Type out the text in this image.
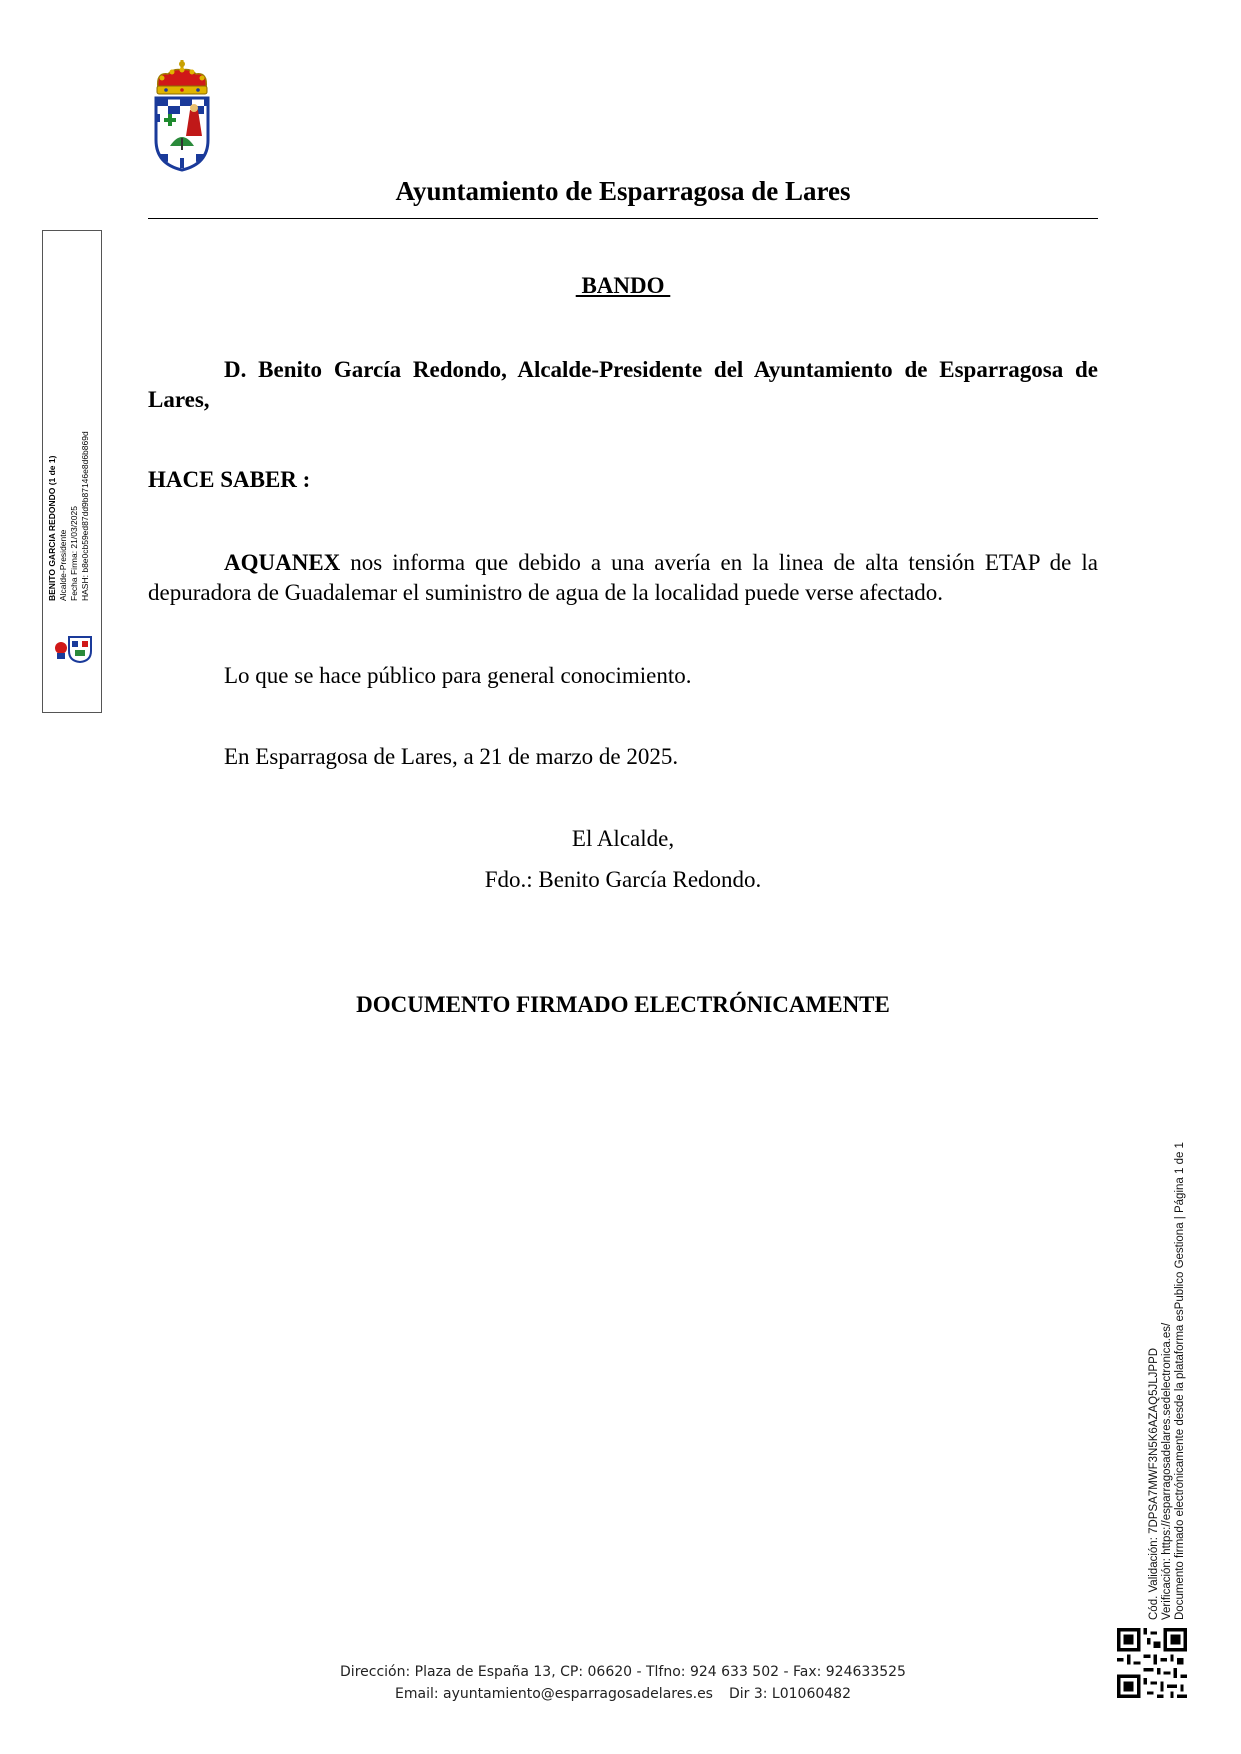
Ayuntamiento de Esparragosa de Lares
BANDO
D. Benito García Redondo, Alcalde-Presidente del Ayuntamiento de Esparragosa de Lares,
HACE SABER :
AQUANEX nos informa que debido a una avería en la linea de alta tensión ETAP de la depuradora de Guadalemar el suministro de agua de la localidad puede verse afectado.
Lo que se hace público para general conocimiento.
En Esparragosa de Lares, a 21 de marzo de 2025.
El Alcalde,
Fdo.: Benito García Redondo.
DOCUMENTO FIRMADO ELECTRÓNICAMENTE
BENITO GARCIA REDONDO (1 de 1) Alcalde-Presidente Fecha Firma: 21/03/2025 HASH: b8e0cb59ed87dd9b87146e8d6b869d
Cód. Validación: 7DPSA7MWF3N5K6AZAQ5JLJPPD Verificación: https://esparragosadelares.sedelectronica.es/ Documento firmado electrónicamente desde la plataforma esPublico Gestiona | Página 1 de 1
Dirección: Plaza de España 13, CP: 06620 - Tlfno: 924 633 502 - Fax: 924633525
Email: ayuntamiento@esparragosadelares.es Dir 3: L01060482
